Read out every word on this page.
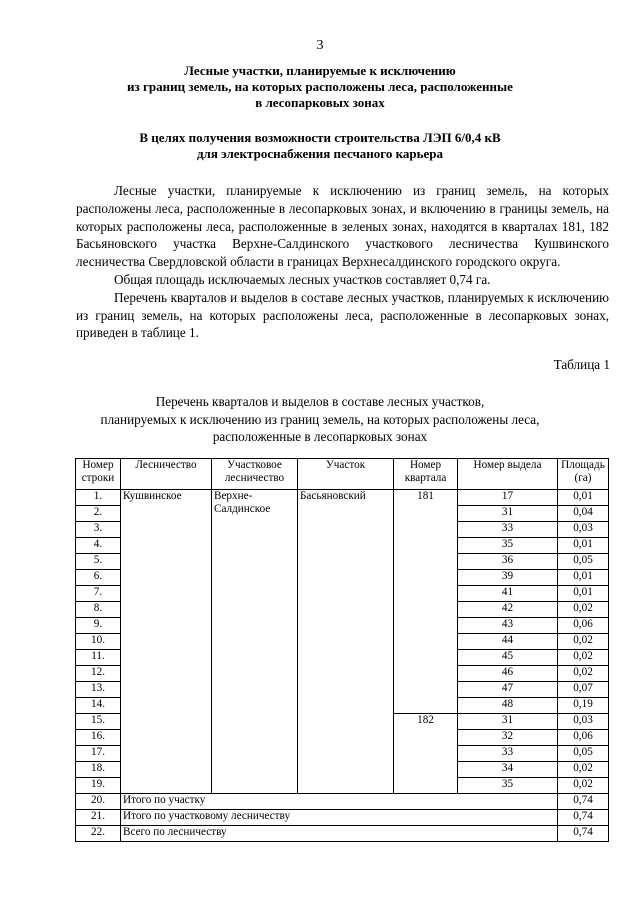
3
Лесные участки, планируемые к исключению
из границ земель, на которых расположены леса, расположенные
в лесопарковых зонах
В целях получения возможности строительства ЛЭП 6/0,4 кВ
для электроснабжения песчаного карьера

Лесные участки, планируемые к исключению из границ земель, на которых расположены леса, расположенные в лесопарковых зонах, и включению в границы земель, на которых расположены леса, расположенные в зеленых зонах, находятся в кварталах 181, 182 Басьяновского участка Верхне-Салдинского участкового лесничества Кушвинского лесничества Свердловской области в границах Верхнесалдинского городского округа.

Общая площадь исключаемых лесных участков составляет 0,74 га.

Перечень кварталов и выделов в составе лесных участков, планируемых к исключению из границ земель, на которых расположены леса, расположенные в лесопарковых зонах, приведен в таблице 1.

Таблица 1
Перечень кварталов и выделов в составе лесных участков,
планируемых к исключению из границ земель, на которых расположены леса,
расположенные в лесопарковых зонах
Номер строки	Лесничество	Участковое лесничество	Участок	Номер квартала	Номер выдела	Площадь (га)
1.	Кушвинское	Верхне-Салдинское	Басьяновский	181	17	0,01
2.					31	0,04
3.					33	0,03
4.					35	0,01
5.					36	0,05
6.					39	0,01
7.					41	0,01
8.					42	0,02
9.					43	0,06
10.					44	0,02
11.					45	0,02
12.					46	0,02
13.					47	0,07
14.					48	0,19
15.				182	31	0,03
16.					32	0,06
17.					33	0,05
18.					34	0,02
19.					35	0,02
20.	Итого по участку					0,74
21.	Итого по участковому лесничеству					0,74
22.	Всего по лесничеству					0,74
